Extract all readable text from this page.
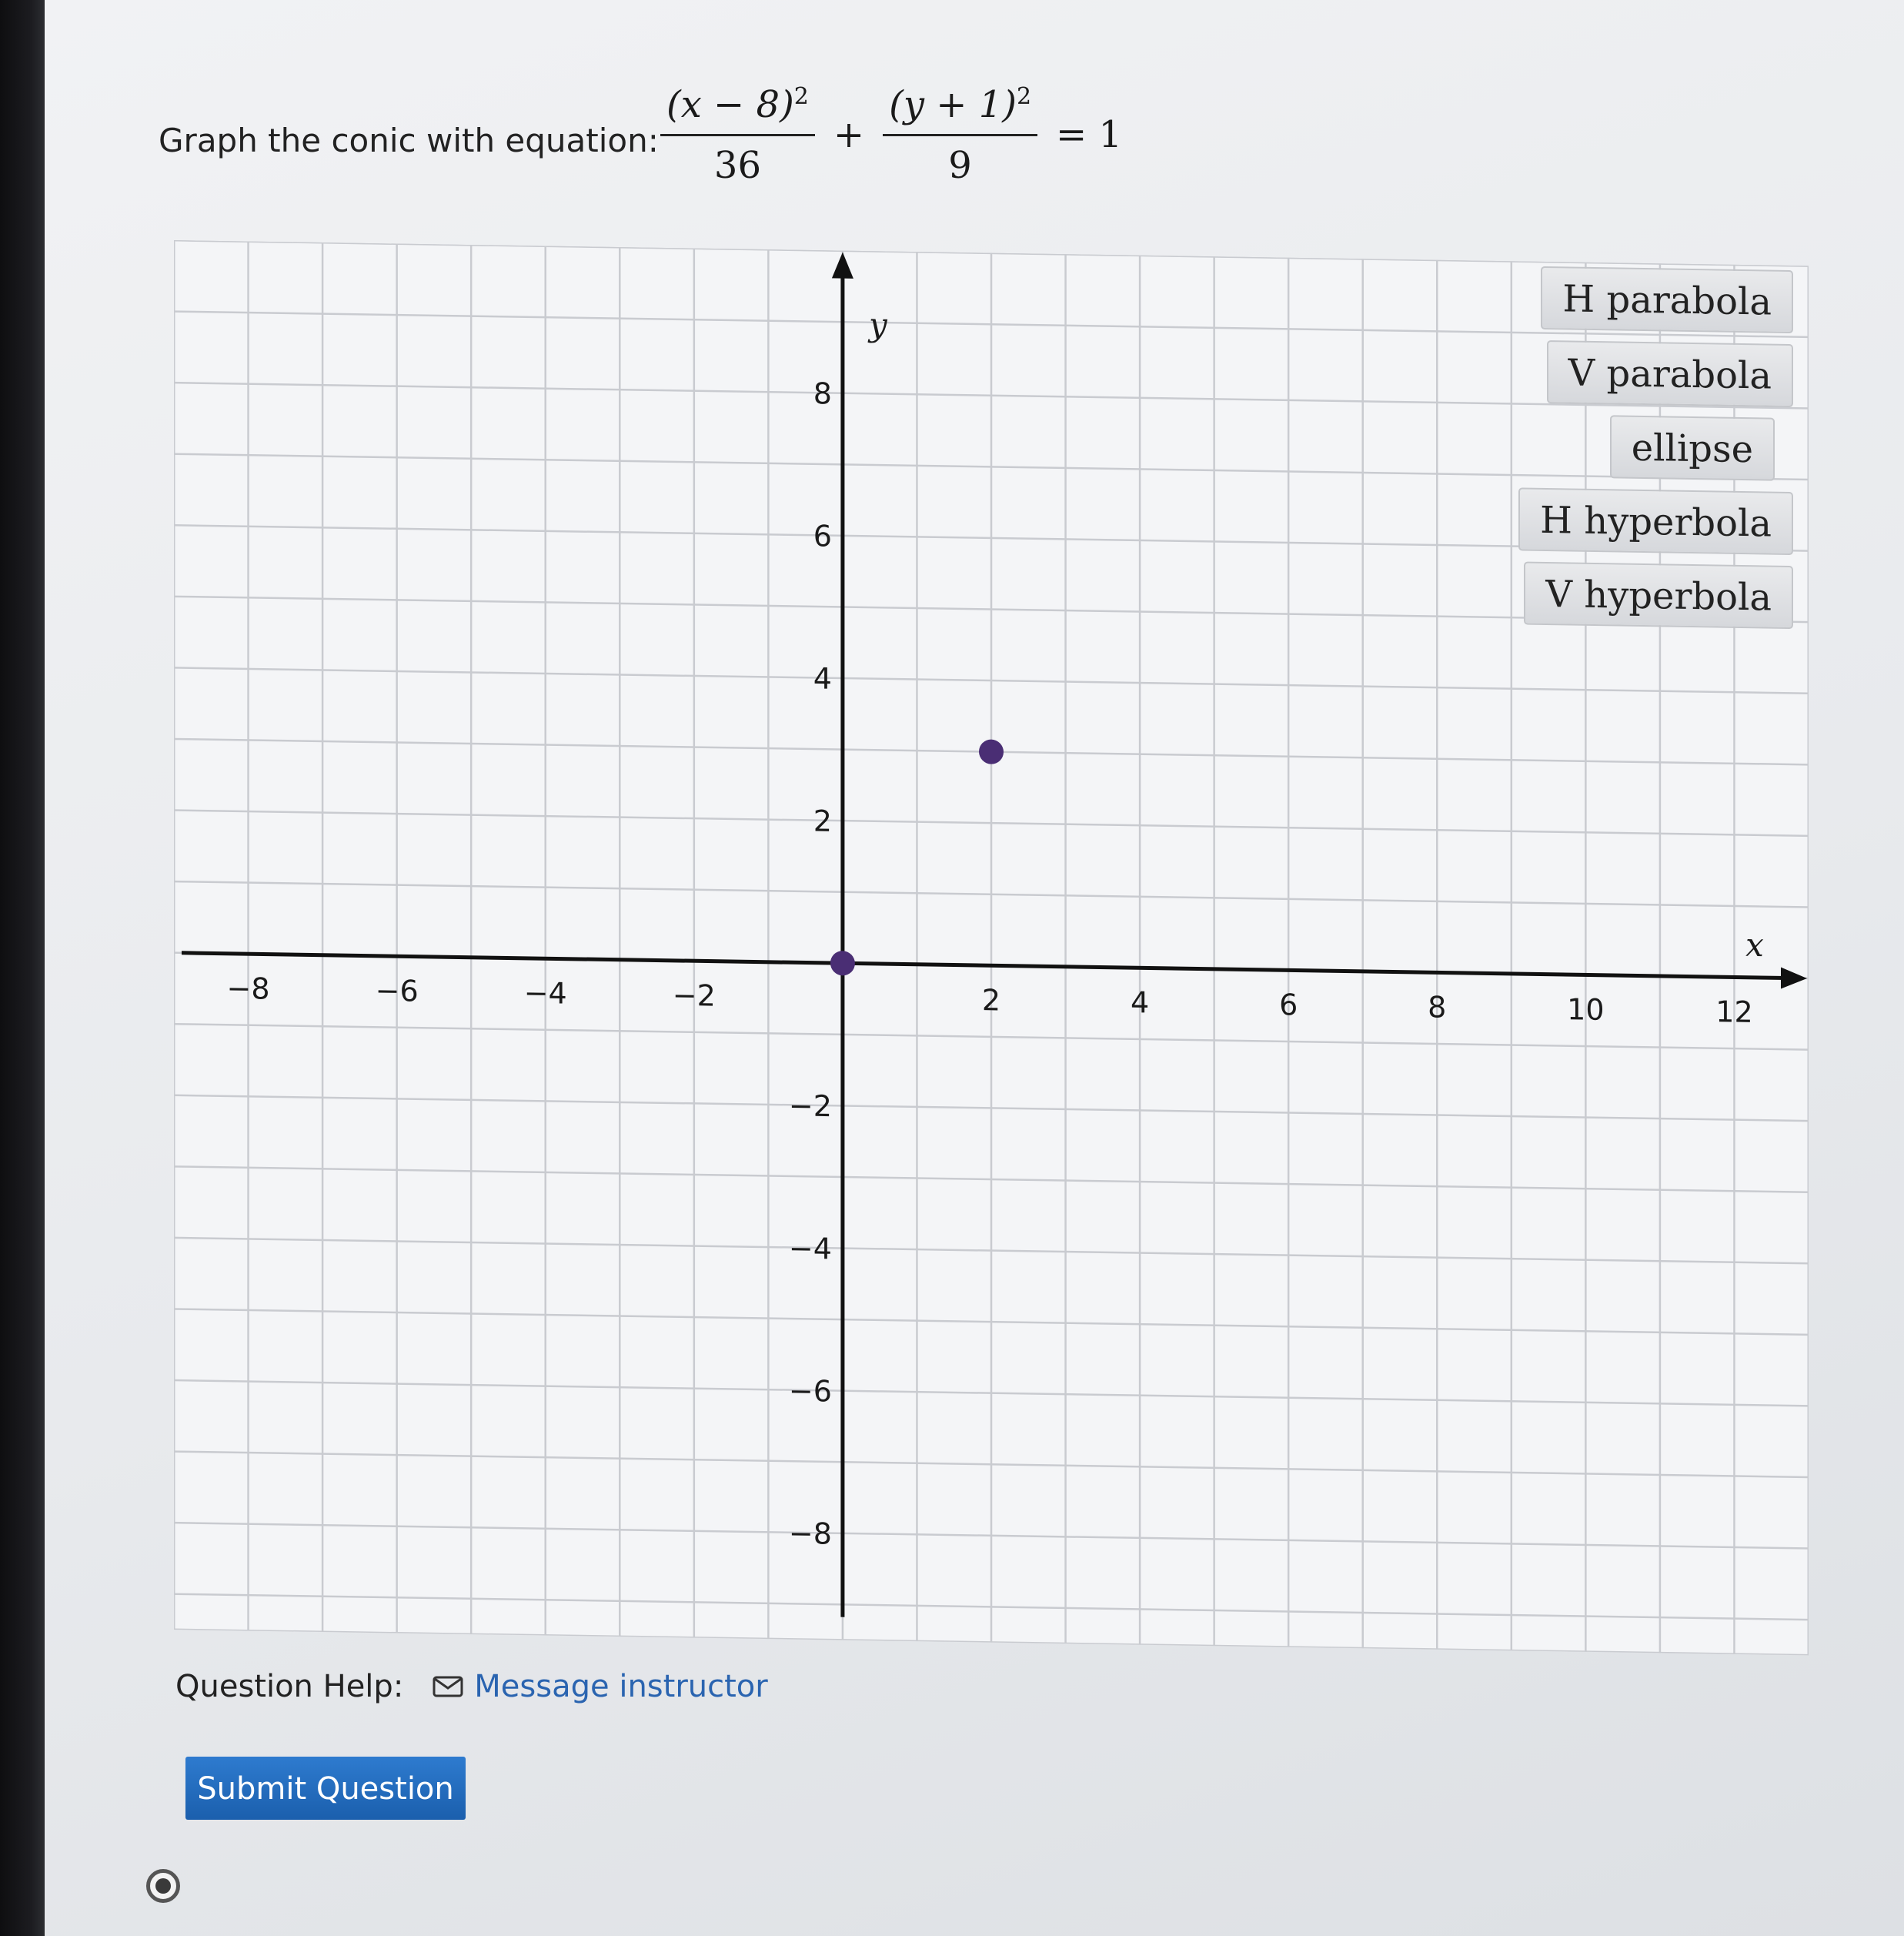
Graph the conic with equation: $\frac{(x - 8)^2}{36} + \frac{(y + 1)^2}{9} = 1$
−8	−6	−4	−2	2	4	6	8	10	12
8
6
4
2
−2
−4
−6
−8
x
y
H parabola
V parabola
ellipse
H hyperbola
V hyperbola
Question Help: Message instructor
Submit Question
